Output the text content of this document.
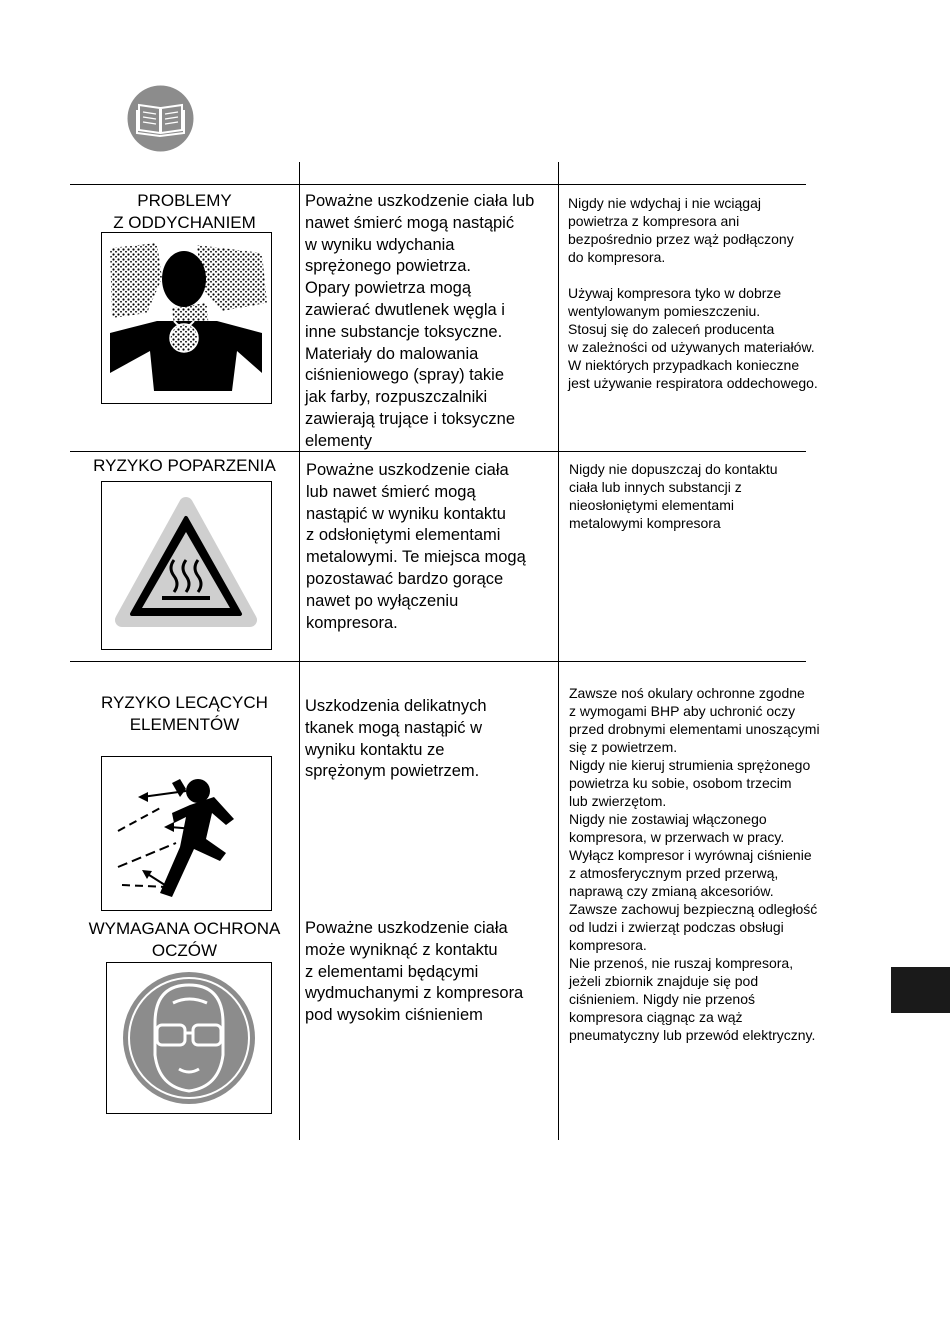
PROBLEMY
Z ODDYCHANIEM
Poważne uszkodzenie ciała lub
nawet śmierć mogą nastąpić
w wyniku wdychania
sprężonego powietrza.
Opary powietrza mogą
zawierać dwutlenek węgla i
inne substancje toksyczne.
Materiały do malowania
ciśnieniowego (spray) takie
jak farby, rozpuszczalniki
zawierają trujące i toksyczne
elementy
Nigdy nie wdychaj i nie wciągaj
powietrza z kompresora ani
bezpośrednio przez wąż podłączony
do kompresora.

Używaj kompresora tyko w dobrze
wentylowanym pomieszczeniu.
Stosuj się do zaleceń producenta
w zależności od używanych materiałów.
W niektórych przypadkach konieczne
jest używanie respiratora oddechowego.
RYZYKO POPARZENIA	Poważne uszkodzenie ciała
lub nawet śmierć mogą
nastąpić w wyniku kontaktu
z odsłoniętymi elementami
metalowymi. Te miejsca mogą
pozostawać bardzo gorące
nawet po wyłączeniu
kompresora.
Nigdy nie dopuszczaj do kontaktu
ciała lub innych substancji z
nieosłoniętymi elementami
metalowymi kompresora
RYZYKO LECĄCYCH
ELEMENTÓW
Uszkodzenia delikatnych
tkanek mogą nastąpić w
wyniku kontaktu ze
sprężonym powietrzem.
WYMAGANA OCHRONA
OCZÓW
Poważne uszkodzenie ciała
może wyniknąć z kontaktu
z elementami będącymi
wydmuchanymi z kompresora
pod wysokim ciśnieniem
Zawsze noś okulary ochronne zgodne
z wymogami BHP aby uchronić oczy
przed drobnymi elementami unoszącymi
się z powietrzem.
Nigdy nie kieruj strumienia sprężonego
powietrza ku sobie, osobom trzecim
lub zwierzętom.
Nigdy nie zostawiaj włączonego
kompresora, w przerwach w pracy.
Wyłącz kompresor i wyrównaj ciśnienie
z atmosferycznym przed przerwą,
naprawą czy zmianą akcesoriów.
Zawsze zachowuj bezpieczną odległość
od ludzi i zwierząt podczas obsługi
kompresora.
Nie przenoś, nie ruszaj kompresora,
jeżeli zbiornik znajduje się pod
ciśnieniem. Nigdy nie przenoś
kompresora ciągnąc za wąż
pneumatyczny lub przewód elektryczny.
